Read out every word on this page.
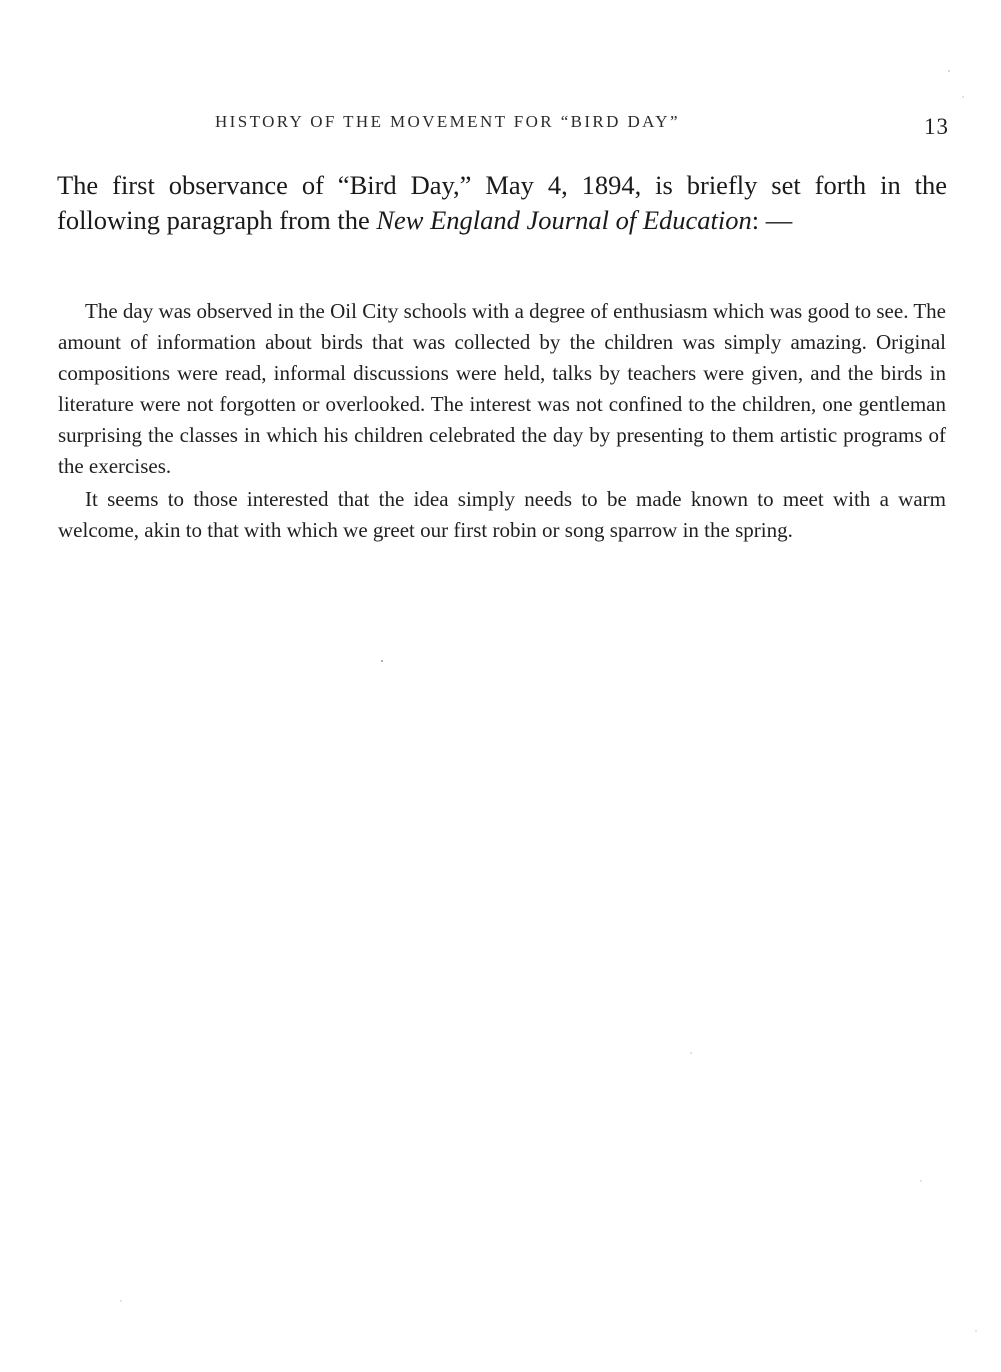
HISTORY OF THE MOVEMENT FOR “BIRD DAY”	13
The first observance of “Bird Day,” May 4, 1894, is briefly set forth in the following paragraph from the New England Journal of Education: —

The day was observed in the Oil City schools with a degree of enthusiasm which was good to see. The amount of information about birds that was collected by the children was simply amazing. Original compositions were read, informal discussions were held, talks by teachers were given, and the birds in literature were not forgotten or overlooked. The interest was not confined to the children, one gentleman surprising the classes in which his children celebrated the day by presenting to them artistic programs of the exercises.

It seems to those interested that the idea simply needs to be made known to meet with a warm welcome, akin to that with which we greet our first robin or song sparrow in the spring.
